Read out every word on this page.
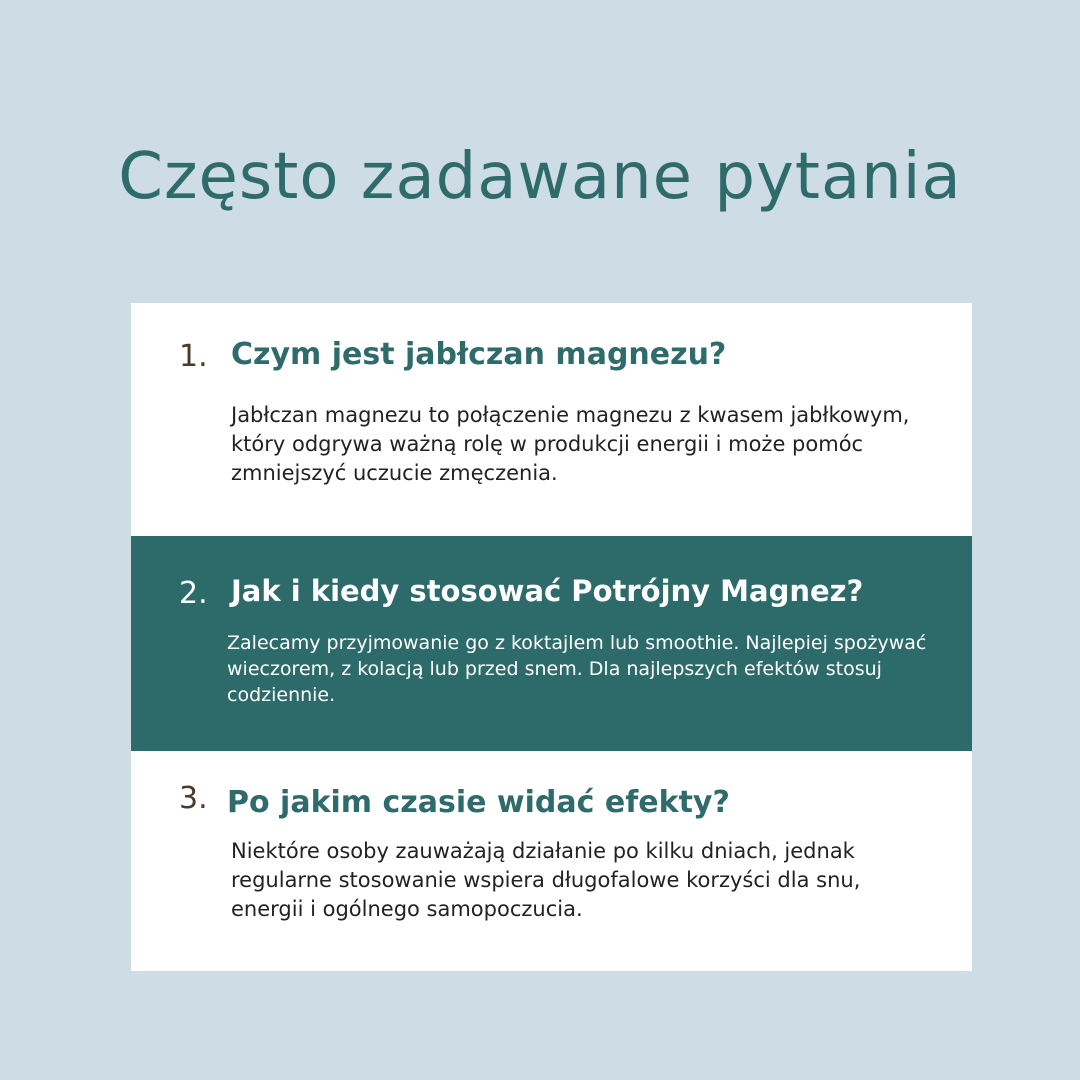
Często zadawane pytania
1. Czym jest jabłczan magnezu?

Jabłczan magnezu to połączenie magnezu z kwasem jabłkowym, który odgrywa ważną rolę w produkcji energii i może pomóc zmniejszyć uczucie zmęczenia.

2. Jak i kiedy stosować Potrójny Magnez?

Zalecamy przyjmowanie go z koktajlem lub smoothie. Najlepiej spożywać wieczorem, z kolacją lub przed snem. Dla najlepszych efektów stosuj codziennie.

3. Po jakim czasie widać efekty?

Niektóre osoby zauważają działanie po kilku dniach, jednak regularne stosowanie wspiera długofalowe korzyści dla snu, energii i ogólnego samopoczucia.
